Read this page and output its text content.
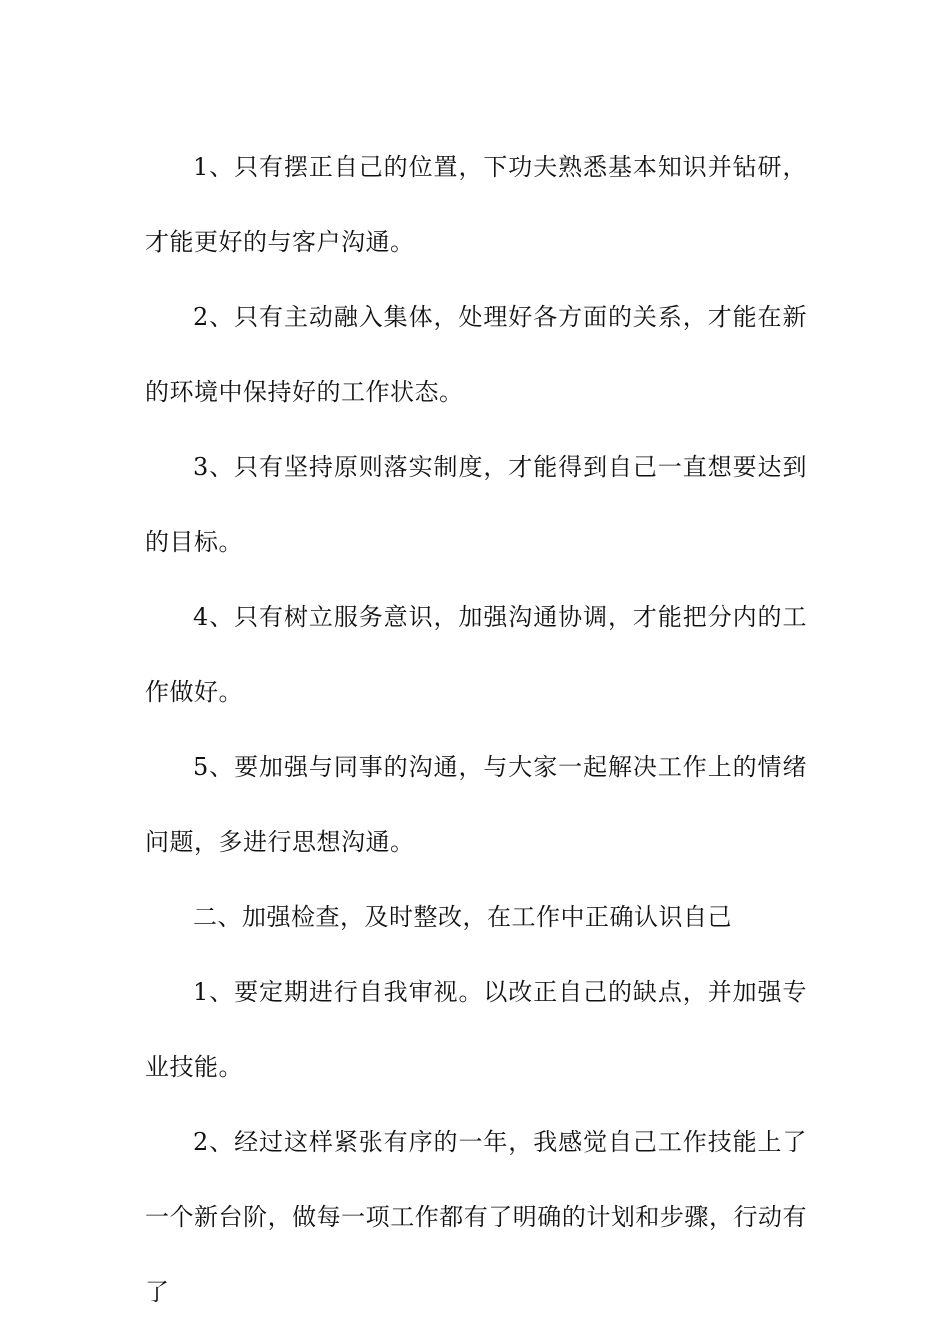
1、只有摆正自己的位置，下功夫熟悉基本知识并钻研，才能更好的与客户沟通。

2、只有主动融入集体，处理好各方面的关系，才能在新的环境中保持好的工作状态。

3、只有坚持原则落实制度，才能得到自己一直想要达到的目标。

4、只有树立服务意识，加强沟通协调，才能把分内的工作做好。

5、要加强与同事的沟通，与大家一起解决工作上的情绪问题，多进行思想沟通。

二、加强检查，及时整改，在工作中正确认识自己

1、要定期进行自我审视。以改正自己的缺点，并加强专业技能。

2、经过这样紧张有序的一年，我感觉自己工作技能上了一个新台阶，做每一项工作都有了明确的计划和步骤，行动有了
